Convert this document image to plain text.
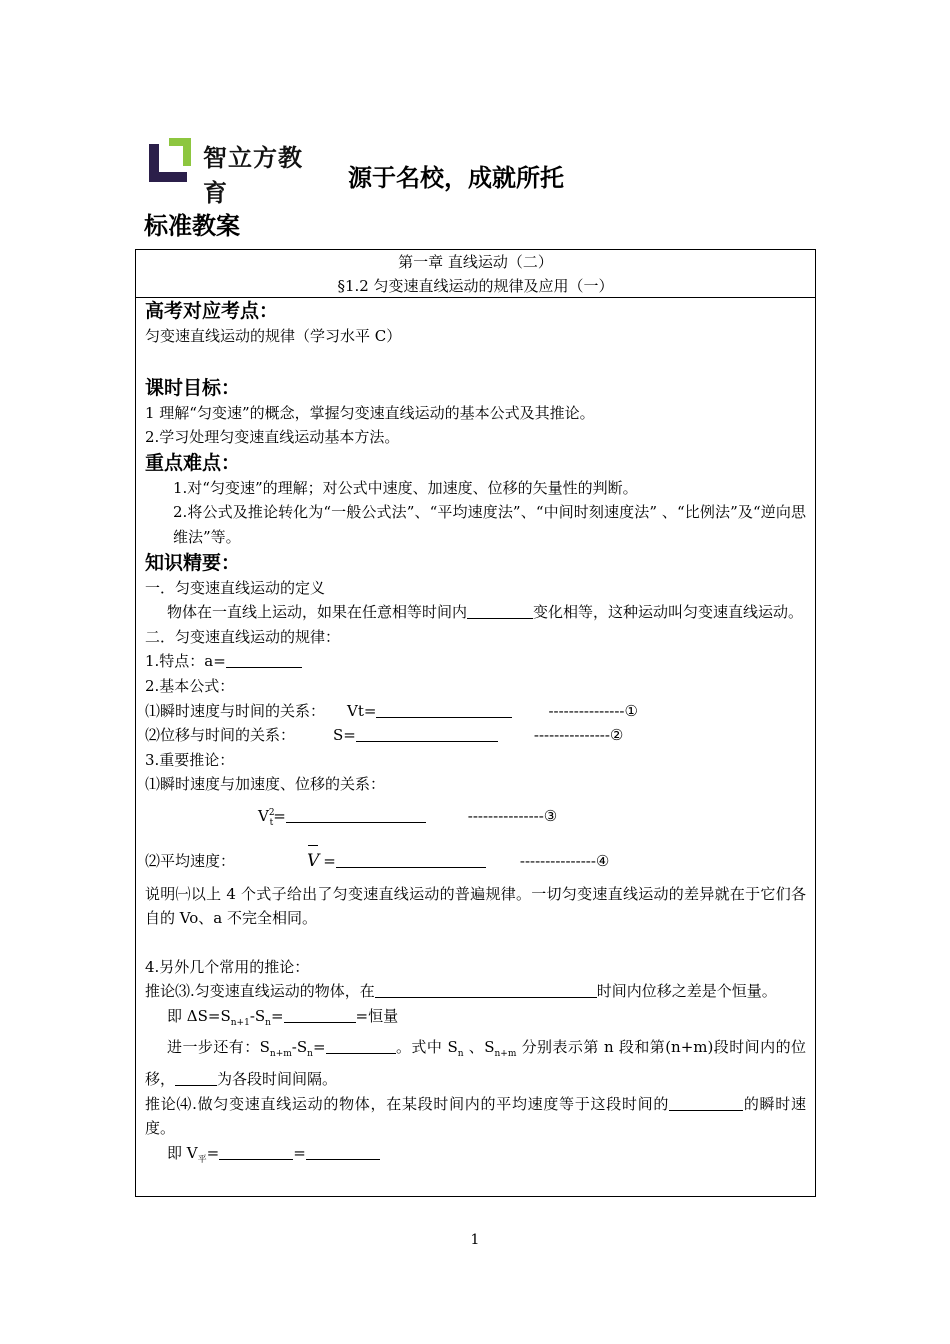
智立方教育
源于名校，成就所托
标准教案
第一章 直线运动（二）
§1.2 匀变速直线运动的规律及应用（一）

高考对应考点：

匀变速直线运动的规律（学习水平 C）

课时目标：

1 理解“匀变速”的概念，掌握匀变速直线运动的基本公式及其推论。

2.学习处理匀变速直线运动基本方法。

重点难点：

1.对“匀变速”的理解；对公式中速度、加速度、位移的矢量性的判断。

2.将公式及推论转化为“一般公式法”、“平均速度法”、“中间时刻速度法” 、“比例法”及“逆向思维法”等。

知识精要：

一．匀变速直线运动的定义

物体在一直线上运动，如果在任意相等时间内	变化相等，这种运动叫匀变速直线运动。

二．匀变速直线运动的规律：

1.特点：a=

2.基本公式：

⑴瞬时速度与时间的关系： Vt=	---------------①

⑵位移与时间的关系：	S=	---------------②

3.重要推论：

⑴瞬时速度与加速度、位移的关系：

$V^2_t=$	---------------③

⑵平均速度：	V =	---------------④

说明㈠以上 4 个式子给出了匀变速直线运动的普遍规律。一切匀变速直线运动的差异就在于它们各自的 Vo、a 不完全相同。

4.另外几个常用的推论：

推论⑶.匀变速直线运动的物体，在	时间内位移之差是个恒量。

即 $\Delta S=S_{n+1}-S_n=$	=恒量

进一步还有：$S_{n+m}-S_n=$	。式中 $S_n$ 、$S_{n+m}$ 分别表示第 n 段和第(n+m)段时间内的位移，	为各段时间间隔。

推论⑷.做匀变速直线运动的物体，在某段时间内的平均速度等于这段时间的	的瞬时速度。

即 $V_平=$	=

1
